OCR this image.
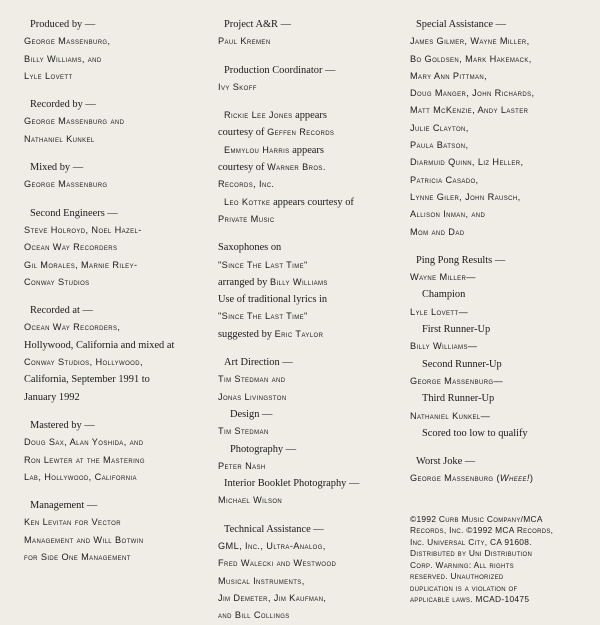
Produced by —
George Massenburg,
Billy Williams, and
Lyle Lovett
Recorded by —
George Massenburg and
Nathaniel Kunkel
Mixed by —
George Massenburg
Second Engineers —
Steve Holroyd, Noel Hazel-
Ocean Way Recorders
Gil Morales, Marnie Riley-
Conway Studios
Recorded at —
Ocean Way Recorders,
Hollywood, California and mixed at
Conway Studios, Hollywood,
California, September 1991 to
January 1992
Mastered by —
Doug Sax, Alan Yoshida, and
Ron Lewter at the Mastering
Lab, Hollywood, California
Management —
Ken Levitan for Vector
Management and Will Botwin
for Side One Management
Project A&R —
Paul Kremen
Production Coordinator —
Ivy Skoff
Rickie Lee Jones appears
courtesy of Geffen Records
Emmylou Harris appears
courtesy of Warner Bros.
Records, Inc.
Leo Kottke appears courtesy of
Private Music
Saxophones on
"Since The Last Time"
arranged by Billy Williams
Use of traditional lyrics in
"Since The Last Time"
suggested by Eric Taylor
Art Direction —
Tim Stedman and
Jonas Livingston
Design —
Tim Stedman
Photography —
Peter Nash
Interior Booklet Photography —
Michael Wilson
Technical Assistance —
GML, Inc., Ultra-Analog,
Fred Walecki and Westwood
Musical Instruments,
Jim Demeter, Jim Kaufman,
and Bill Collings
Special Assistance —
James Gilmer, Wayne Miller,
Bo Goldsen, Mark Hakemack,
Mary Ann Pittman,
Doug Manger, John Richards,
Matt McKenzie, Andy Laster
Julie Clayton,
Paula Batson,
Diarmuid Quinn, Liz Heller,
Patricia Casado,
Lynne Giler, John Rausch,
Allison Inman, and
Mom and Dad
Ping Pong Results —
Wayne Miller—
Champion
Lyle Lovett—
First Runner-Up
Billy Williams—
Second Runner-Up
George Massenburg—
Third Runner-Up
Nathaniel Kunkel—
Scored too low to qualify
Worst Joke —
George Massenburg (Wheee!)
©1992 Curb Music Company/MCA
Records, Inc. ©1992 MCA Records,
Inc. Universal City, CA 91608.
Distributed by Uni Distribution
Corp. Warning: All rights
reserved. Unauthorized
duplication is a violation of
applicable laws. MCAD-10475
